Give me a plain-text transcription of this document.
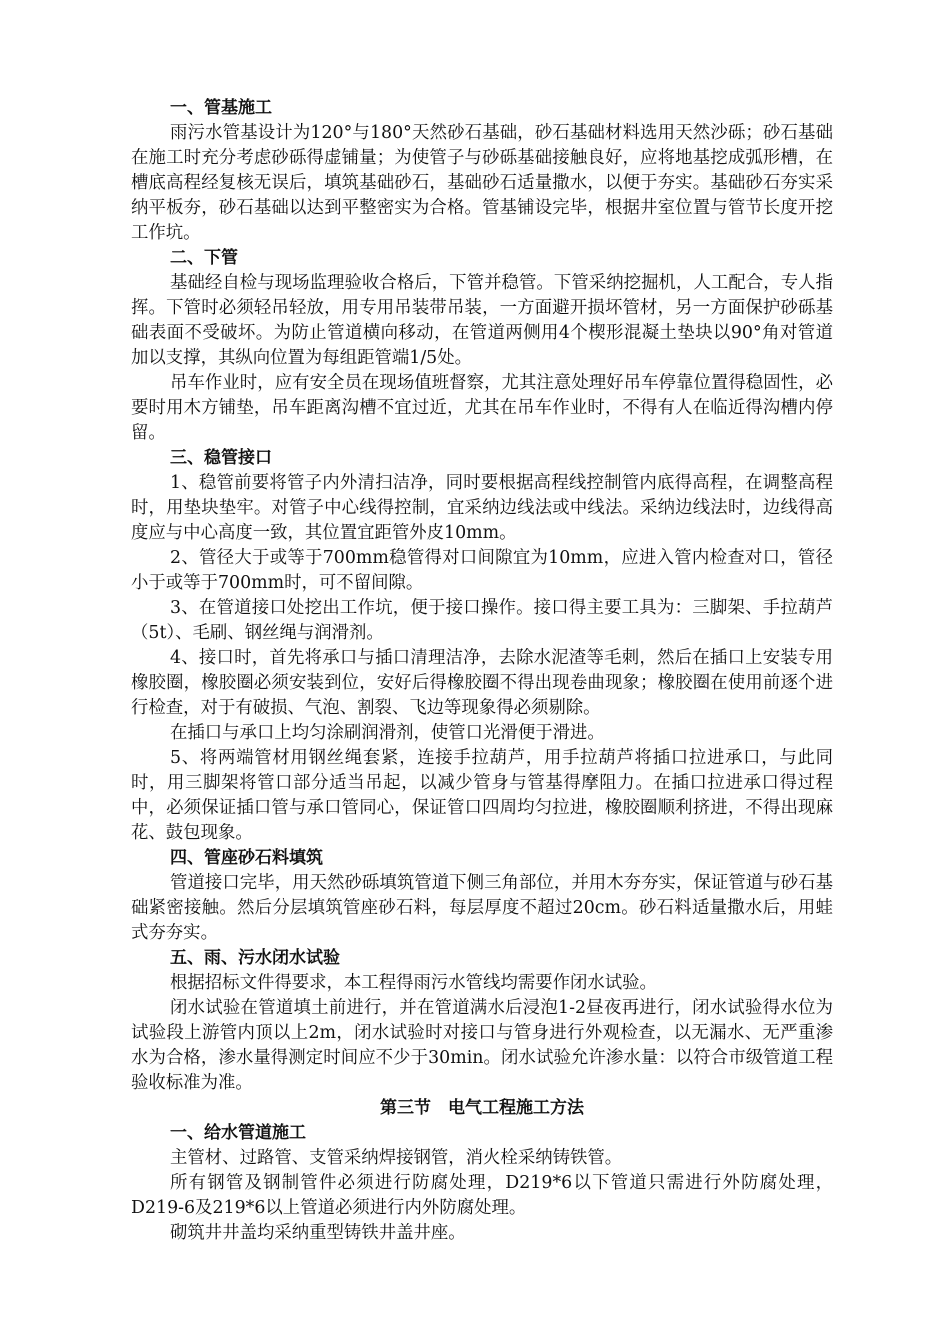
一、管基施工

雨污水管基设计为120°与180°天然砂石基础，砂石基础材料选用天然沙砾；砂石基础在施工时充分考虑砂砾得虚铺量；为使管子与砂砾基础接触良好，应将地基挖成弧形槽，在槽底高程经复核无误后，填筑基础砂石，基础砂石适量撒水，以便于夯实。基础砂石夯实采纳平板夯，砂石基础以达到平整密实为合格。管基铺设完毕，根据井室位置与管节长度开挖工作坑。

二、下管

基础经自检与现场监理验收合格后，下管并稳管。下管采纳挖掘机，人工配合，专人指挥。下管时必须轻吊轻放，用专用吊装带吊装，一方面避开损坏管材，另一方面保护砂砾基础表面不受破坏。为防止管道横向移动，在管道两侧用4个楔形混凝土垫块以90°角对管道加以支撑，其纵向位置为每组距管端1/5处。

吊车作业时，应有安全员在现场值班督察，尤其注意处理好吊车停靠位置得稳固性，必要时用木方铺垫，吊车距离沟槽不宜过近，尤其在吊车作业时，不得有人在临近得沟槽内停留。

三、稳管接口

1、稳管前要将管子内外清扫洁净，同时要根据高程线控制管内底得高程，在调整高程时，用垫块垫牢。对管子中心线得控制，宜采纳边线法或中线法。采纳边线法时，边线得高度应与中心高度一致，其位置宜距管外皮10mm。

2、管径大于或等于700mm稳管得对口间隙宜为10mm，应进入管内检查对口，管径小于或等于700mm时，可不留间隙。

3、在管道接口处挖出工作坑，便于接口操作。接口得主要工具为：三脚架、手拉葫芦（5t）、毛刷、钢丝绳与润滑剂。

4、接口时，首先将承口与插口清理洁净，去除水泥渣等毛刺，然后在插口上安装专用橡胶圈，橡胶圈必须安装到位，安好后得橡胶圈不得出现卷曲现象；橡胶圈在使用前逐个进行检查，对于有破损、气泡、割裂、飞边等现象得必须剔除。

在插口与承口上均匀涂刷润滑剂，使管口光滑便于滑进。

5、将两端管材用钢丝绳套紧，连接手拉葫芦，用手拉葫芦将插口拉进承口，与此同时，用三脚架将管口部分适当吊起，以减少管身与管基得摩阻力。在插口拉进承口得过程中，必须保证插口管与承口管同心，保证管口四周均匀拉进，橡胶圈顺利挤进，不得出现麻花、鼓包现象。

四、管座砂石料填筑

管道接口完毕，用天然砂砾填筑管道下侧三角部位，并用木夯夯实，保证管道与砂石基础紧密接触。然后分层填筑管座砂石料，每层厚度不超过20cm。砂石料适量撒水后，用蛙式夯夯实。

五、雨、污水闭水试验

根据招标文件得要求，本工程得雨污水管线均需要作闭水试验。

闭水试验在管道填土前进行，并在管道满水后浸泡1-2昼夜再进行，闭水试验得水位为试验段上游管内顶以上2m，闭水试验时对接口与管身进行外观检查，以无漏水、无严重渗水为合格，渗水量得测定时间应不少于30min。闭水试验允许渗水量：以符合市级管道工程验收标准为准。

第三节　电气工程施工方法

一、给水管道施工

主管材、过路管、支管采纳焊接钢管，消火栓采纳铸铁管。

所有钢管及钢制管件必须进行防腐处理，D219*6以下管道只需进行外防腐处理，D219-6及219*6以上管道必须进行内外防腐处理。

砌筑井井盖均采纳重型铸铁井盖井座。
